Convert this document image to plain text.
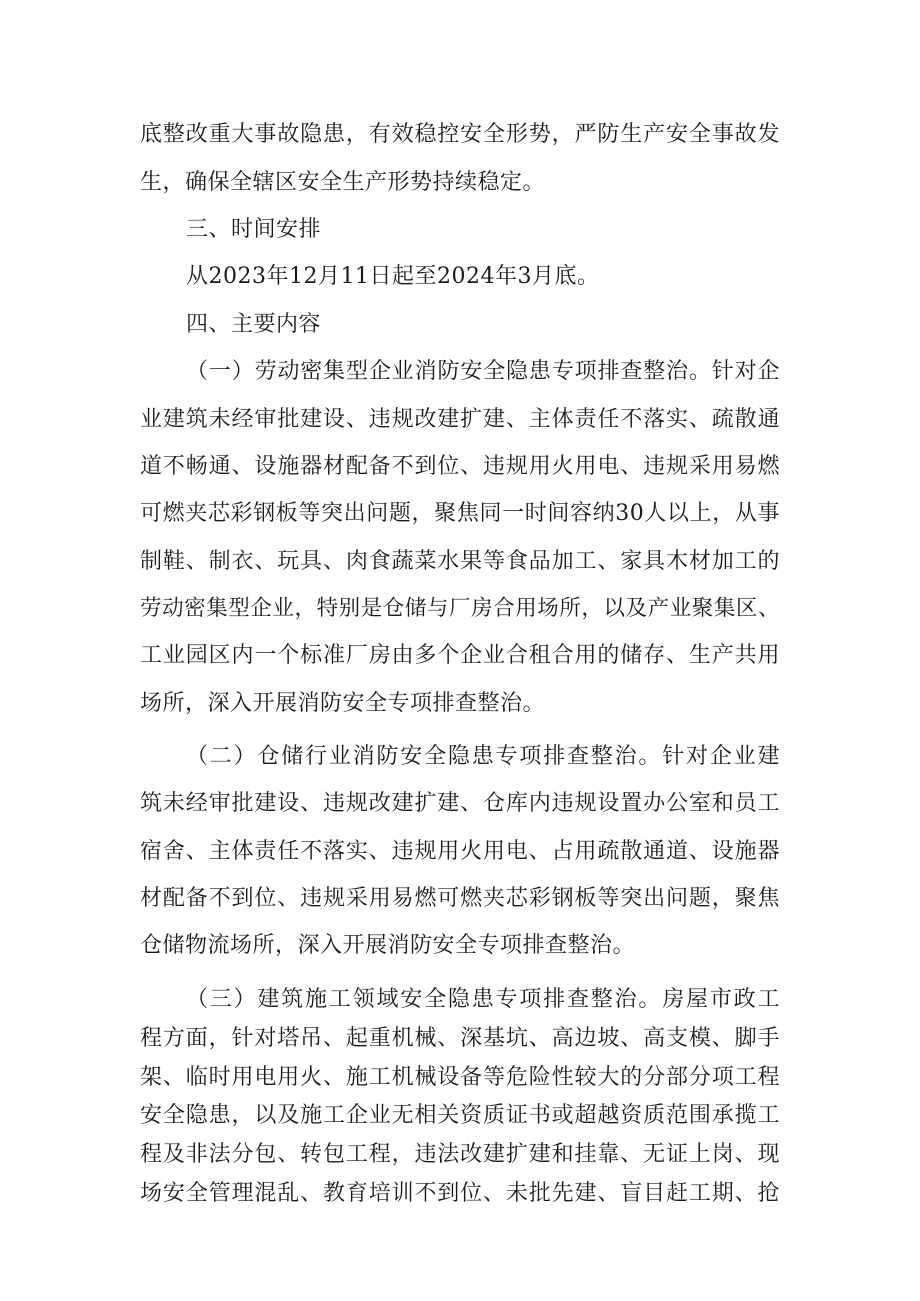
底整改重大事故隐患，有效稳控安全形势，严防生产安全事故发
生，确保全辖区安全生产形势持续稳定。
三、时间安排
从2023年12月11日起至2024年3月底。
四、主要内容
（一）劳动密集型企业消防安全隐患专项排查整治。针对企
业建筑未经审批建设、违规改建扩建、主体责任不落实、疏散通
道不畅通、设施器材配备不到位、违规用火用电、违规采用易燃
可燃夹芯彩钢板等突出问题，聚焦同一时间容纳30人以上，从事
制鞋、制衣、玩具、肉食蔬菜水果等食品加工、家具木材加工的
劳动密集型企业，特别是仓储与厂房合用场所，以及产业聚集区、
工业园区内一个标准厂房由多个企业合租合用的储存、生产共用
场所，深入开展消防安全专项排查整治。
（二）仓储行业消防安全隐患专项排查整治。针对企业建
筑未经审批建设、违规改建扩建、仓库内违规设置办公室和员工
宿舍、主体责任不落实、违规用火用电、占用疏散通道、设施器
材配备不到位、违规采用易燃可燃夹芯彩钢板等突出问题，聚焦
仓储物流场所，深入开展消防安全专项排查整治。
（三）建筑施工领域安全隐患专项排查整治。房屋市政工
程方面，针对塔吊、起重机械、深基坑、高边坡、高支模、脚手
架、临时用电用火、施工机械设备等危险性较大的分部分项工程
安全隐患，以及施工企业无相关资质证书或超越资质范围承揽工
程及非法分包、转包工程，违法改建扩建和挂靠、无证上岗、现
场安全管理混乱、教育培训不到位、未批先建、盲目赶工期、抢
